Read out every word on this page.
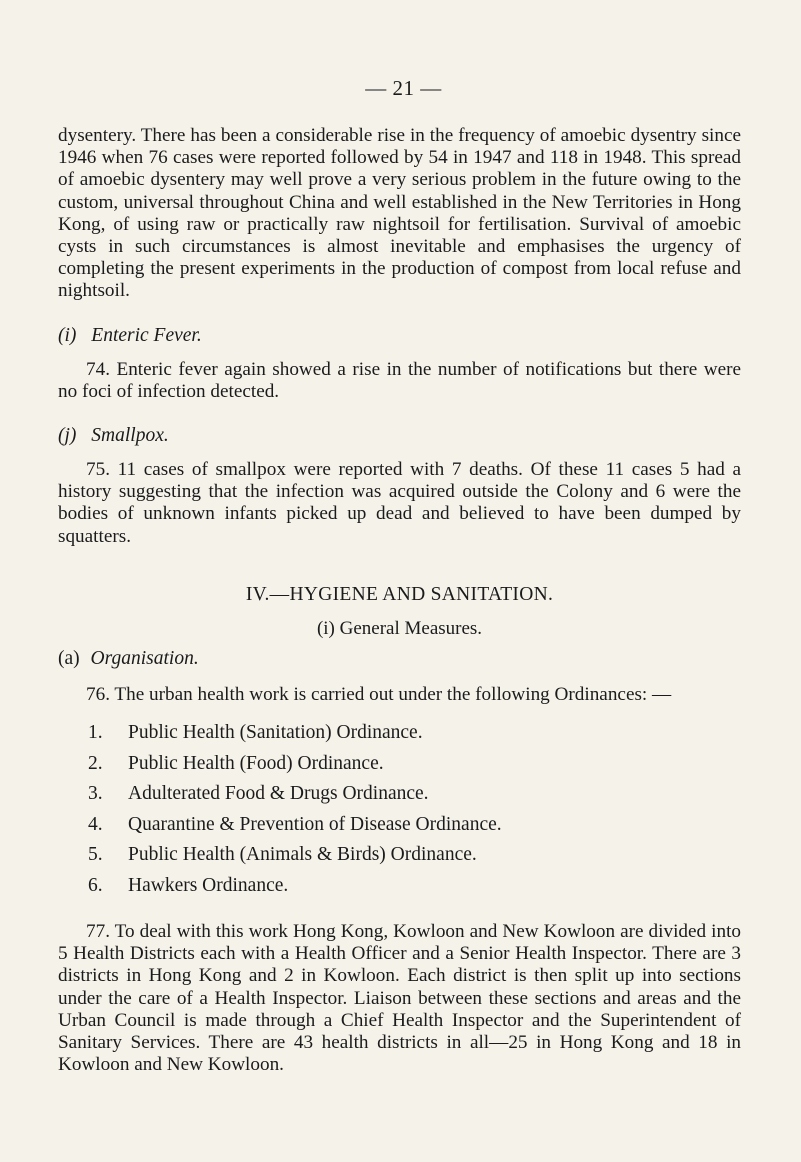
— 21 —

dysentery. There has been a considerable rise in the frequency of amoebic dysentry since 1946 when 76 cases were reported followed by 54 in 1947 and 118 in 1948. This spread of amoebic dysentery may well prove a very serious problem in the future owing to the custom, universal throughout China and well established in the New Territories in Hong Kong, of using raw or practically raw nightsoil for fertilisation. Survival of amoebic cysts in such circumstances is almost inevitable and emphasises the urgency of completing the present experiments in the production of compost from local refuse and nightsoil.

(i) Enteric Fever.

74. Enteric fever again showed a rise in the number of notifications but there were no foci of infection detected.

(j) Smallpox.

75. 11 cases of smallpox were reported with 7 deaths. Of these 11 cases 5 had a history suggesting that the infection was acquired outside the Colony and 6 were the bodies of unknown infants picked up dead and believed to have been dumped by squatters.

IV.—HYGIENE AND SANITATION.
(i) General Measures.
(a) Organisation.

76. The urban health work is carried out under the following Ordinances: —

1.	Public Health (Sanitation) Ordinance.
2.	Public Health (Food) Ordinance.
3.	Adulterated Food & Drugs Ordinance.
4.	Quarantine & Prevention of Disease Ordinance.
5.	Public Health (Animals & Birds) Ordinance.
6.	Hawkers Ordinance.

77. To deal with this work Hong Kong, Kowloon and New Kowloon are divided into 5 Health Districts each with a Health Officer and a Senior Health Inspector. There are 3 districts in Hong Kong and 2 in Kowloon. Each district is then split up into sections under the care of a Health Inspector. Liaison between these sections and areas and the Urban Council is made through a Chief Health Inspector and the Superintendent of Sanitary Services. There are 43 health districts in all—25 in Hong Kong and 18 in Kowloon and New Kowloon.
